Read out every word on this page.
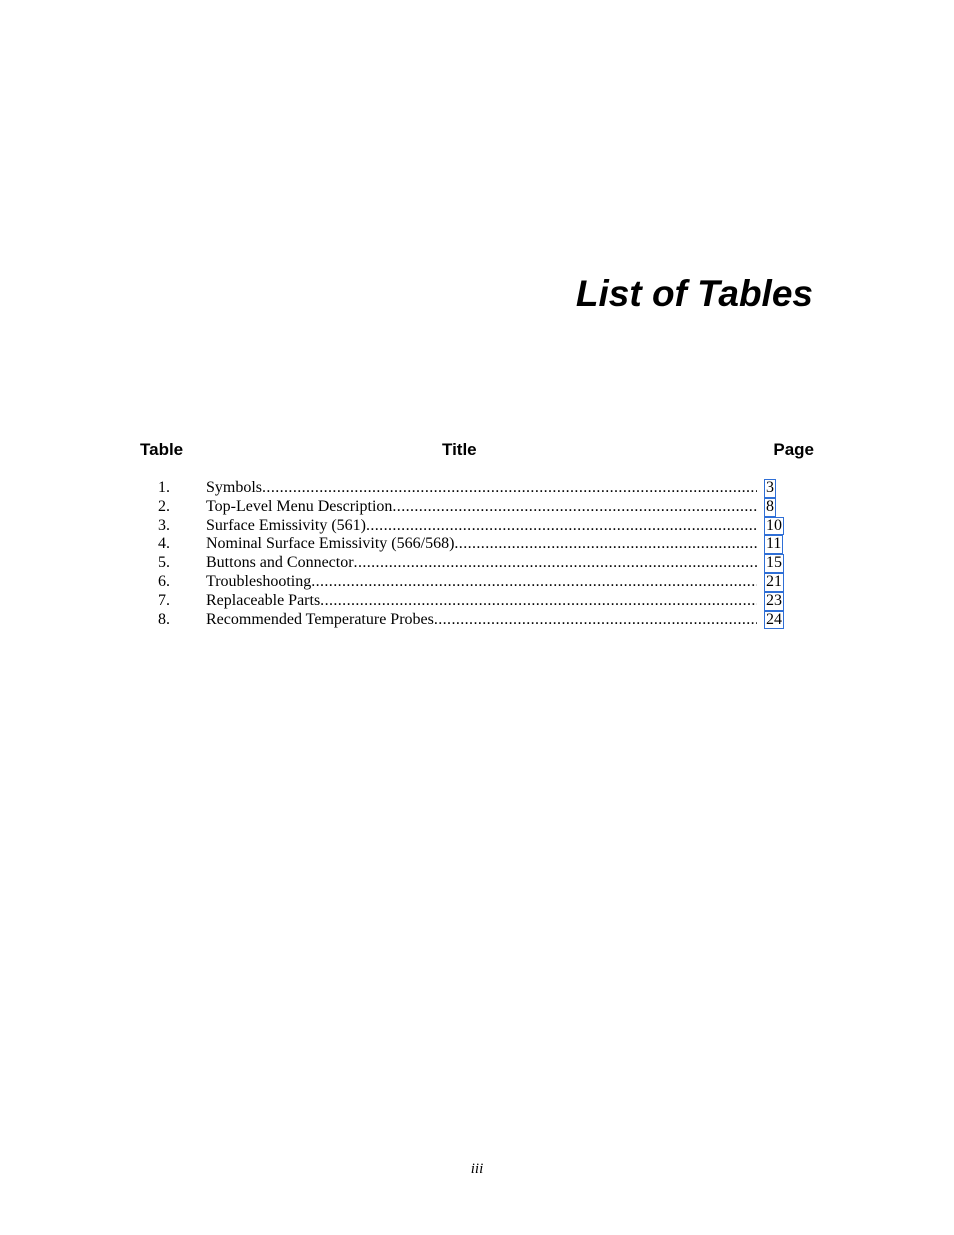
List of Tables
Table	Title	Page
1. Symbols .....	3
2. Top-Level Menu Description .....	8
3. Surface Emissivity (561) .....	10
4. Nominal Surface Emissivity (566/568) .....	11
5. Buttons and Connector .....	15
6. Troubleshooting .....	21
7. Replaceable Parts .....	23
8. Recommended Temperature Probes .....	24
iii
